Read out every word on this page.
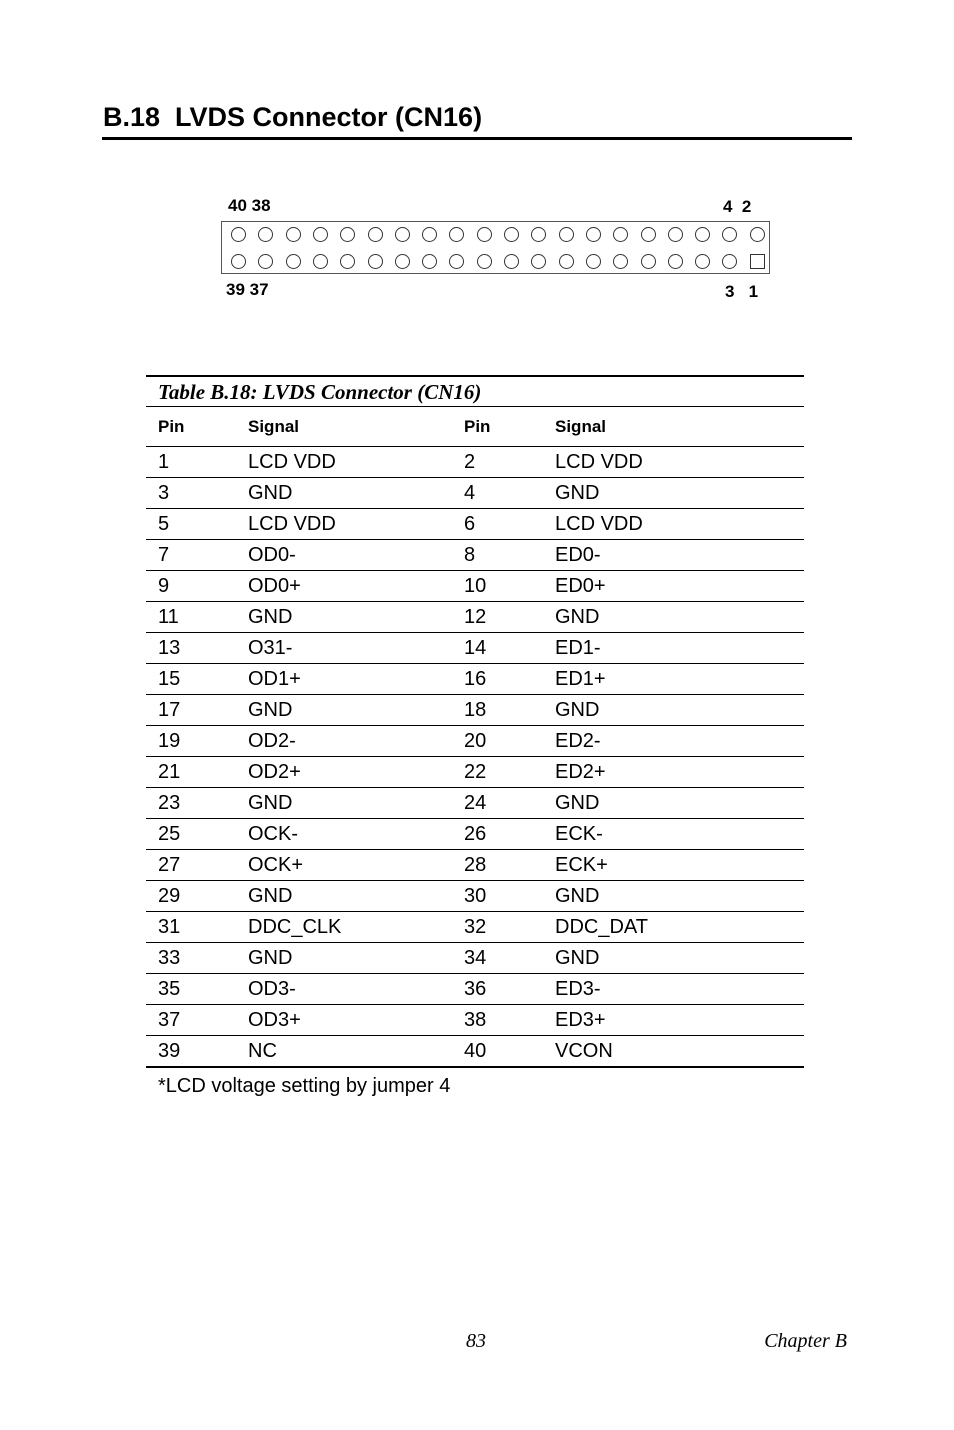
B.18  LVDS Connector (CN16)
40 38	4  2
39 37	3   1
Table B.18: LVDS Connector (CN16)
Pin	Signal	Pin	Signal
1	LCD VDD	2	LCD VDD
3	GND	4	GND
5	LCD VDD	6	LCD VDD
7	OD0-	8	ED0-
9	OD0+	10	ED0+
11	GND	12	GND
13	O31-	14	ED1-
15	OD1+	16	ED1+
17	GND	18	GND
19	OD2-	20	ED2-
21	OD2+	22	ED2+
23	GND	24	GND
25	OCK-	26	ECK-
27	OCK+	28	ECK+
29	GND	30	GND
31	DDC_CLK	32	DDC_DAT
33	GND	34	GND
35	OD3-	36	ED3-
37	OD3+	38	ED3+
39	NC	40	VCON
*LCD voltage setting by jumper 4
83	Chapter B
